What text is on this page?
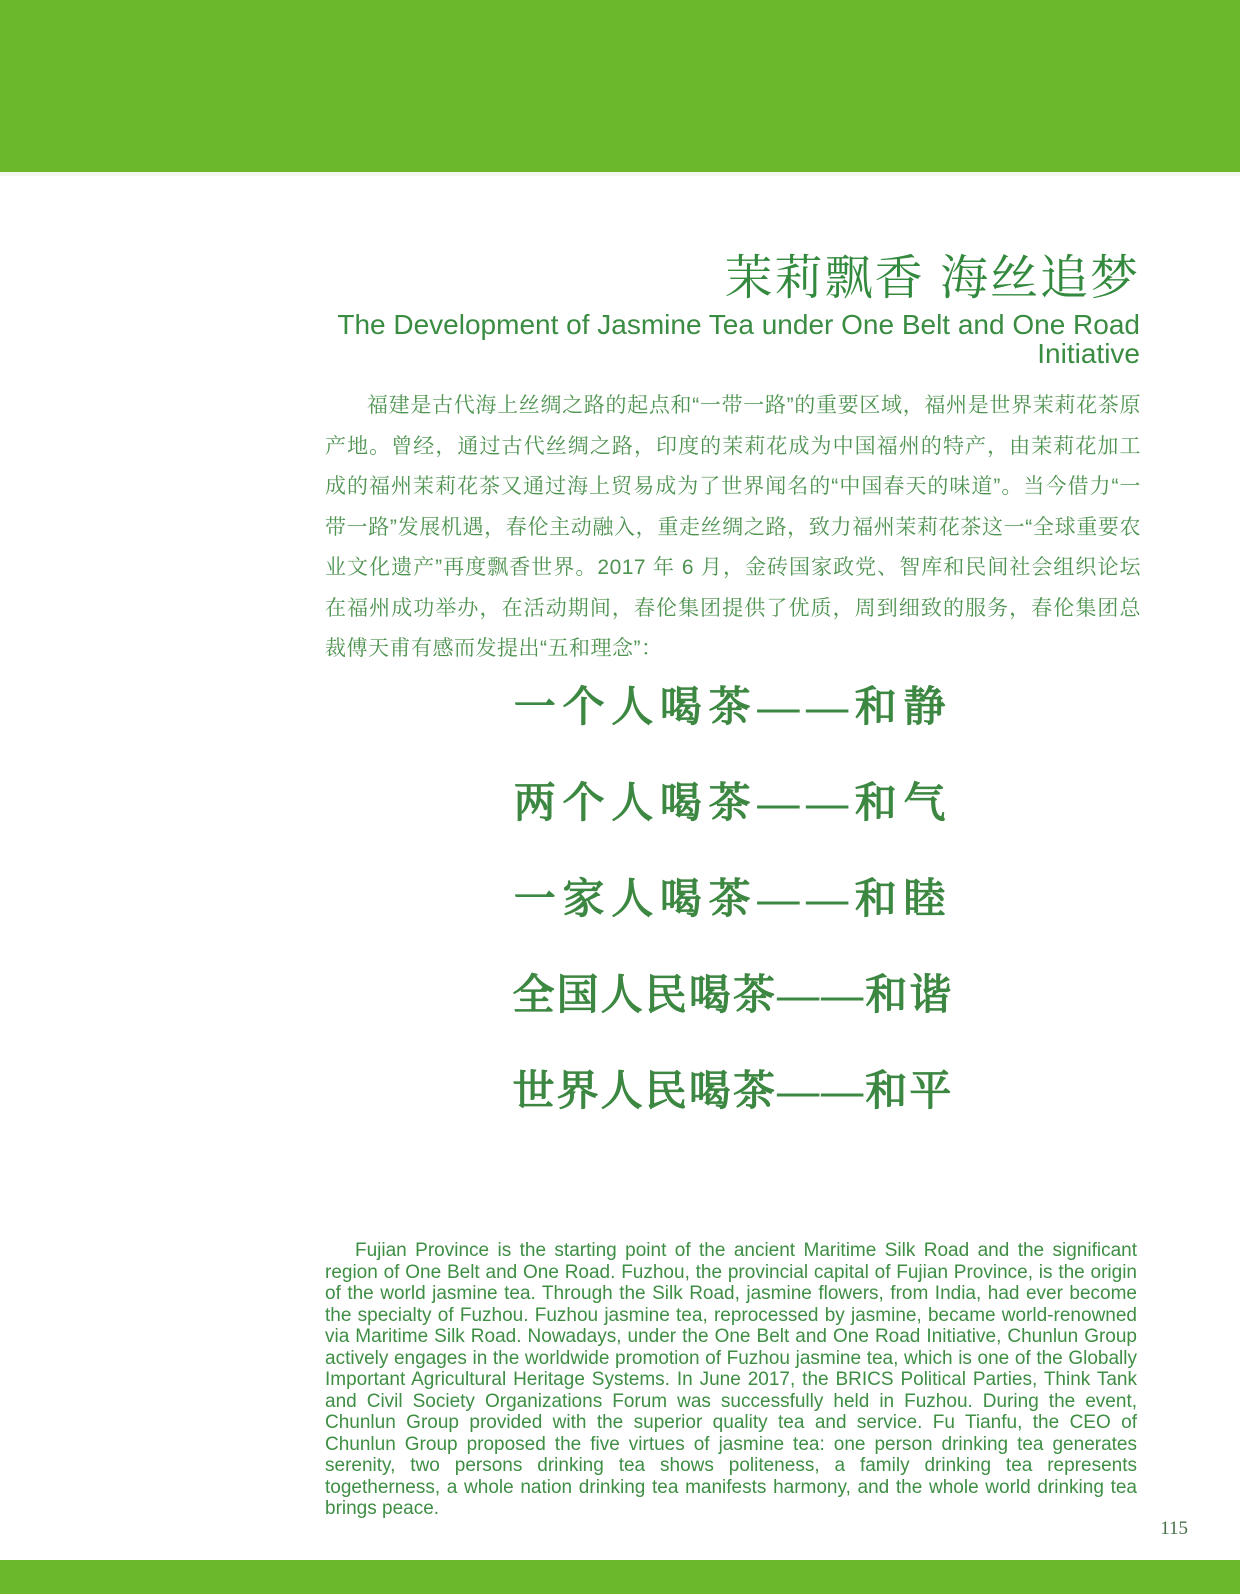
茉莉飘香 海丝追梦
The Development of Jasmine Tea under One Belt and One Road
Initiative

福建是古代海上丝绸之路的起点和“一带一路”的重要区域，福州是世界茉莉花茶原产地。曾经，通过古代丝绸之路，印度的茉莉花成为中国福州的特产，由茉莉花加工成的福州茉莉花茶又通过海上贸易成为了世界闻名的“中国春天的味道”。当今借力“一带一路”发展机遇，春伦主动融入，重走丝绸之路，致力福州茉莉花茶这一“全球重要农业文化遗产”再度飘香世界。2017 年 6 月，金砖国家政党、智库和民间社会组织论坛在福州成功举办，在活动期间，春伦集团提供了优质，周到细致的服务，春伦集团总裁傅天甫有感而发提出“五和理念”：

一个人喝茶——和静
两个人喝茶——和气
一家人喝茶——和睦
全国人民喝茶——和谐
世界人民喝茶——和平

Fujian Province is the starting point of the ancient Maritime Silk Road and the significant region of One Belt and One Road. Fuzhou, the provincial capital of Fujian Province, is the origin of the world jasmine tea. Through the Silk Road, jasmine flowers, from India, had ever become the specialty of Fuzhou. Fuzhou jasmine tea, reprocessed by jasmine, became world-renowned via Maritime Silk Road. Nowadays, under the One Belt and One Road Initiative, Chunlun Group actively engages in the worldwide promotion of Fuzhou jasmine tea, which is one of the Globally Important Agricultural Heritage Systems. In June 2017, the BRICS Political Parties, Think Tank and Civil Society Organizations Forum was successfully held in Fuzhou. During the event, Chunlun Group provided with the superior quality tea and service. Fu Tianfu, the CEO of Chunlun Group proposed the five virtues of jasmine tea: one person drinking tea generates serenity, two persons drinking tea shows politeness, a family drinking tea represents togetherness, a whole nation drinking tea manifests harmony, and the whole world drinking tea brings peace.

115
